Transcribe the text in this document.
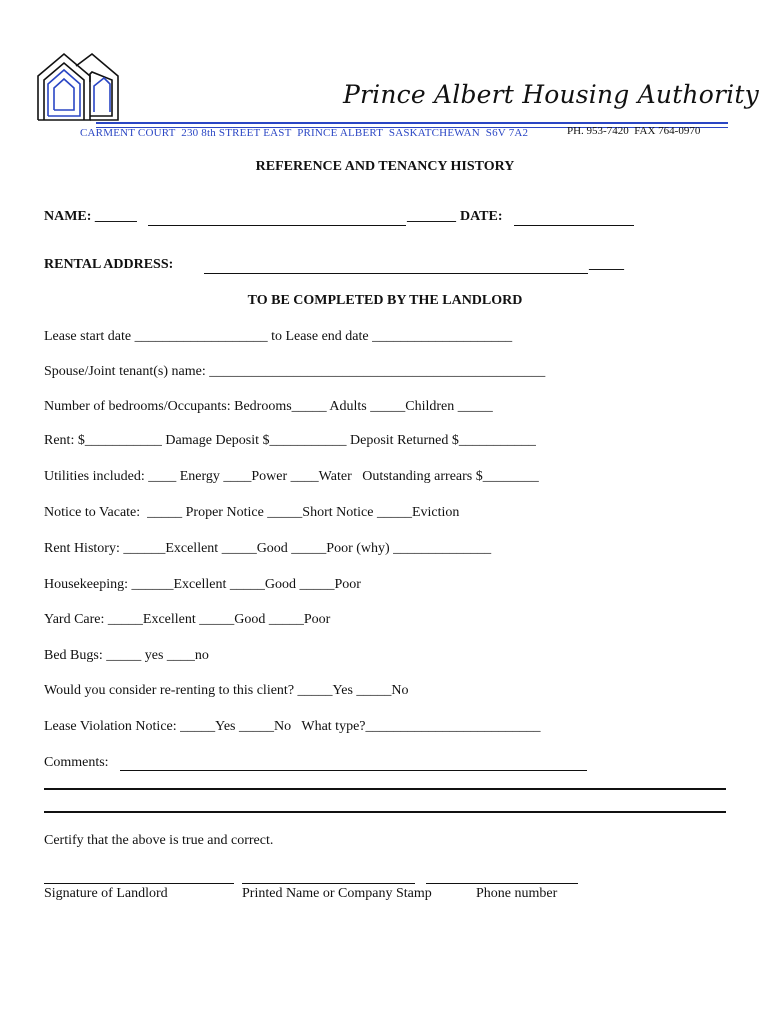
Prince Albert Housing Authority
CARMENT COURT  230 8th STREET EAST  PRINCE ALBERT  SASKATCHEWAN  S6V 7A2	PH. 953-7420  FAX 764-0970
REFERENCE AND TENANCY HISTORY
NAME: ______	_______ DATE:
RENTAL ADDRESS:	_____
TO BE COMPLETED BY THE LANDLORD
Lease start date ___________________ to Lease end date ____________________
Spouse/Joint tenant(s) name: ________________________________________________
Number of bedrooms/Occupants: Bedrooms_____ Adults _____Children _____
Rent: $___________ Damage Deposit $___________ Deposit Returned $___________
Utilities included: ____ Energy ____Power ____Water   Outstanding arrears $________
Notice to Vacate:  _____ Proper Notice _____Short Notice _____Eviction
Rent History: ______Excellent _____Good _____Poor (why) ______________
Housekeeping: ______Excellent _____Good _____Poor
Yard Care: _____Excellent _____Good _____Poor
Bed Bugs: _____ yes ____no
Would you consider re-renting to this client? _____Yes _____No
Lease Violation Notice: _____Yes _____No   What type?_________________________
Comments:
Certify that the above is true and correct.
Signature of Landlord	Printed Name or Company Stamp	Phone number
